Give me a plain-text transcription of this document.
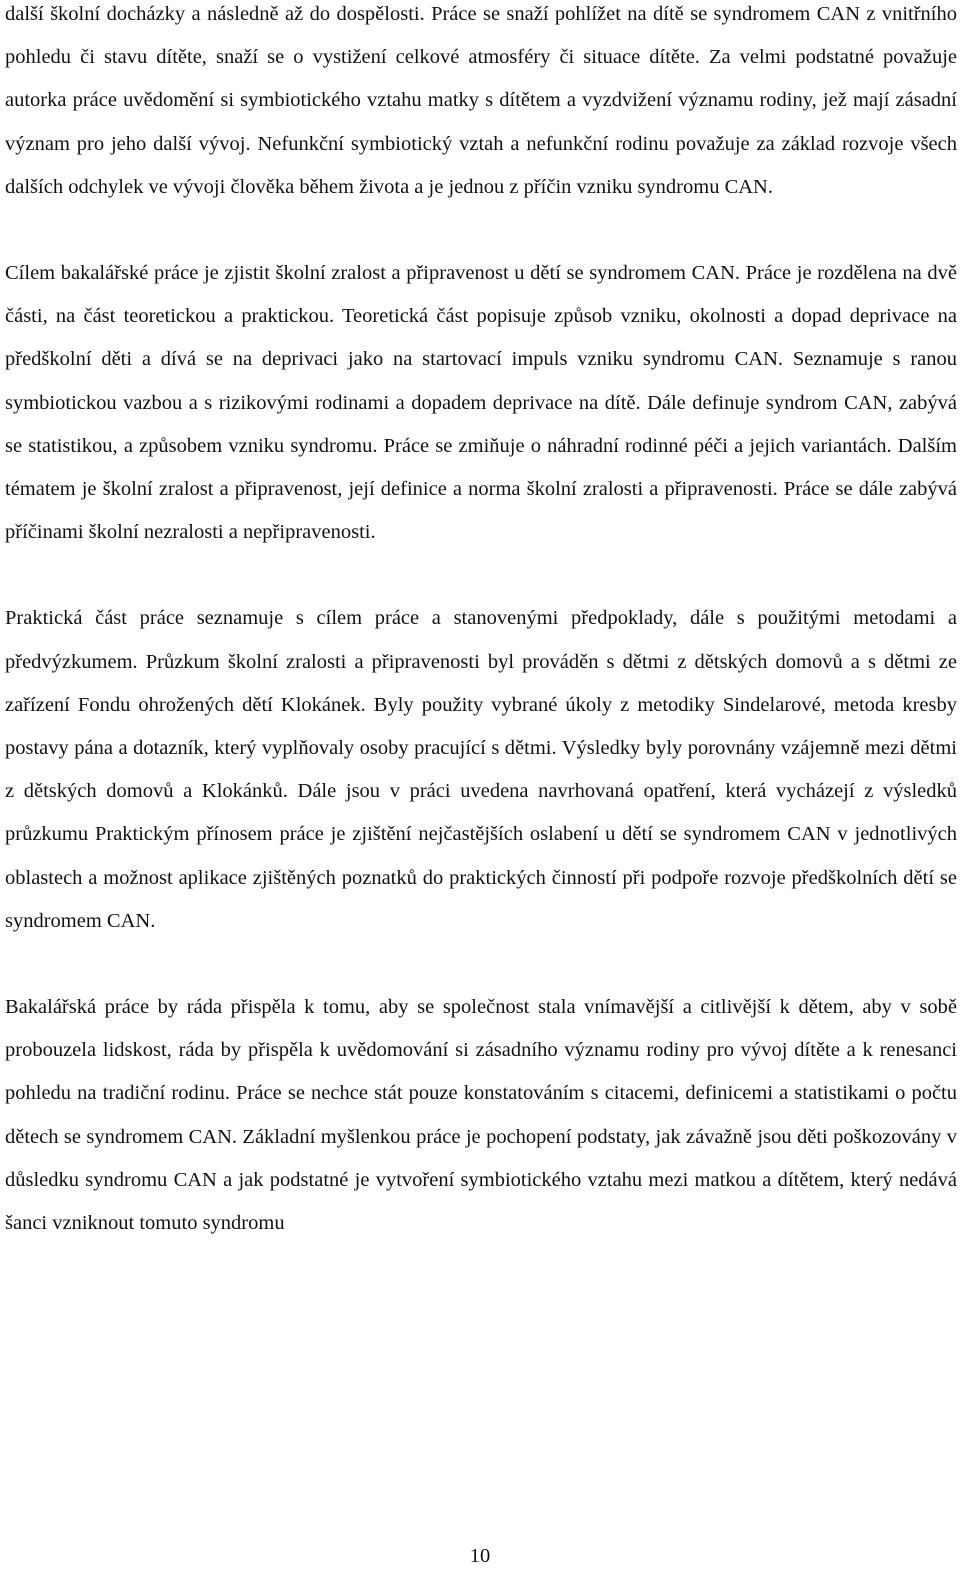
další školní docházky a následně až do dospělosti. Práce se snaží pohlížet na dítě se syndromem CAN z vnitřního pohledu či stavu dítěte, snaží se o vystižení celkové atmosféry či situace dítěte. Za velmi podstatné považuje autorka práce uvědomění si symbiotického vztahu matky s dítětem a vyzdvižení významu rodiny, jež mají zásadní význam pro jeho další vývoj. Nefunkční symbiotický vztah a nefunkční rodinu považuje za základ rozvoje všech dalších odchylek ve vývoji člověka během života a je jednou z příčin vzniku syndromu CAN.

Cílem bakalářské práce je zjistit školní zralost a připravenost u dětí se syndromem CAN. Práce je rozdělena na dvě části, na část teoretickou a praktickou. Teoretická část popisuje způsob vzniku, okolnosti a dopad deprivace na předškolní děti a dívá se na deprivaci jako na startovací impuls vzniku syndromu CAN. Seznamuje s ranou symbiotickou vazbou a s rizikovými rodinami a dopadem deprivace na dítě. Dále definuje syndrom CAN, zabývá se statistikou, a způsobem vzniku syndromu. Práce se zmiňuje o náhradní rodinné péči a jejich variantách. Dalším tématem je školní zralost a připravenost, její definice a norma školní zralosti a připravenosti. Práce se dále zabývá příčinami školní nezralosti a nepřipravenosti.

Praktická část práce seznamuje s cílem práce a stanovenými předpoklady, dále s použitými metodami a předvýzkumem. Průzkum školní zralosti a připravenosti byl prováděn s dětmi z dětských domovů a s dětmi ze zařízení Fondu ohrožených dětí Klokánek. Byly použity vybrané úkoly z metodiky Sindelarové, metoda kresby postavy pána a dotazník, který vyplňovaly osoby pracující s dětmi. Výsledky byly porovnány vzájemně mezi dětmi z dětských domovů a Klokánků. Dále jsou v práci uvedena navrhovaná opatření, která vycházejí z výsledků průzkumu Praktickým přínosem práce je zjištění nejčastějších oslabení u dětí se syndromem CAN v jednotlivých oblastech a možnost aplikace zjištěných poznatků do praktických činností při podpoře rozvoje předškolních dětí se syndromem CAN.

Bakalářská práce by ráda přispěla k tomu, aby se společnost stala vnímavější a citlivější k dětem, aby v sobě probouzela lidskost, ráda by přispěla k uvědomování si zásadního významu rodiny pro vývoj dítěte a k renesanci pohledu na tradiční rodinu. Práce se nechce stát pouze konstatováním s citacemi, definicemi a statistikami o počtu dětech se syndromem CAN. Základní myšlenkou práce je pochopení podstaty, jak závažně jsou děti poškozovány v důsledku syndromu CAN a jak podstatné je vytvoření symbiotického vztahu mezi matkou a dítětem, který nedává šanci vzniknout tomuto syndromu

10
